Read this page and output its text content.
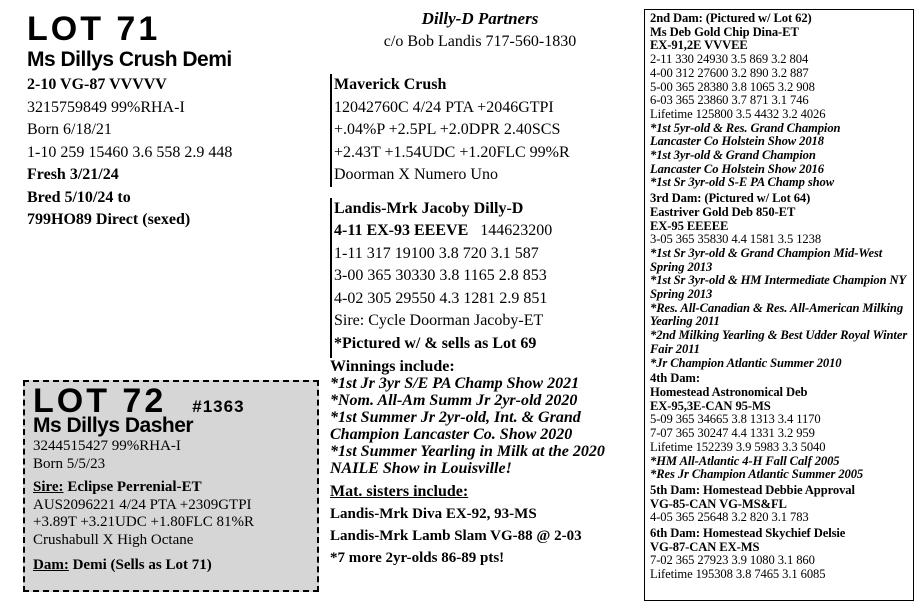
LOT 71
Ms Dillys Crush Demi
2-10 VG-87 VVVVV
3215759849 99%RHA-I
Born 6/18/21
1-10 259 15460 3.6 558 2.9 448
Fresh 3/21/24
Bred 5/10/24 to
799HO89 Direct (sexed)
LOT 72 #1363
Ms Dillys Dasher
3244515427 99%RHA-I
Born 5/5/23
Sire: Eclipse Perrenial-ET
AUS2096221 4/24 PTA +2309GTPI
+3.89T +3.21UDC +1.80FLC 81%R
Crushabull X High Octane
Dam: Demi (Sells as Lot 71)
Dilly-D Partners
c/o Bob Landis 717-560-1830
Maverick Crush
12042760C 4/24 PTA +2046GTPI
+.04%P +2.5PL +2.0DPR 2.40SCS
+2.43T +1.54UDC +1.20FLC 99%R
Doorman X Numero Uno
Landis-Mrk Jacoby Dilly-D
4-11 EX-93 EEEVE 144623200
1-11 317 19100 3.8 720 3.1 587
3-00 365 30330 3.8 1165 2.8 853
4-02 305 29550 4.3 1281 2.9 851
Sire: Cycle Doorman Jacoby-ET
*Pictured w/ & sells as Lot 69
Winnings include:
*1st Jr 3yr S/E PA Champ Show 2021
*Nom. All-Am Summ Jr 2yr-old 2020
*1st Summer Jr 2yr-old, Int. & Grand
Champion Lancaster Co. Show 2020
*1st Summer Yearling in Milk at the 2020
NAILE Show in Louisville!
Mat. sisters include:
Landis-Mrk Diva EX-92, 93-MS
Landis-Mrk Lamb Slam VG-88 @ 2-03
*7 more 2yr-olds 86-89 pts!
2nd Dam: (Pictured w/ Lot 62)
Ms Deb Gold Chip Dina-ET
EX-91,2E VVVEE
2-11 330 24930 3.5 869 3.2 804
4-00 312 27600 3.2 890 3.2 887
5-00 365 28380 3.8 1065 3.2 908
6-03 365 23860 3.7 871 3.1 746
Lifetime 125800 3.5 4432 3.2 4026
*1st 5yr-old & Res. Grand Champion
Lancaster Co Holstein Show 2018
*1st 3yr-old & Grand Champion
Lancaster Co Holstein Show 2016
*1st Sr 3yr-old S-E PA Champ show
3rd Dam: (Pictured w/ Lot 64)
Eastriver Gold Deb 850-ET
EX-95 EEEEE
3-05 365 35830 4.4 1581 3.5 1238
*1st Sr 3yr-old & Grand Champion Mid-West Spring 2013
*1st Sr 3yr-old & HM Intermediate Champion NY Spring 2013
*Res. All-Canadian & Res. All-American Milking Yearling 2011
*2nd Milking Yearling & Best Udder Royal Winter Fair 2011
*Jr Champion Atlantic Summer 2010
4th Dam:
Homestead Astronomical Deb
EX-95,3E-CAN 95-MS
5-09 365 34665 3.8 1313 3.4 1170
7-07 365 30247 4.4 1331 3.2 959
Lifetime 152239 3.9 5983 3.3 5040
*HM All-Atlantic 4-H Fall Calf 2005
*Res Jr Champion Atlantic Summer 2005
5th Dam: Homestead Debbie Approval
VG-85-CAN VG-MS&FL
4-05 365 25648 3.2 820 3.1 783
6th Dam: Homestead Skychief Delsie
VG-87-CAN EX-MS
7-02 365 27923 3.9 1080 3.1 860
Lifetime 195308 3.8 7465 3.1 6085
